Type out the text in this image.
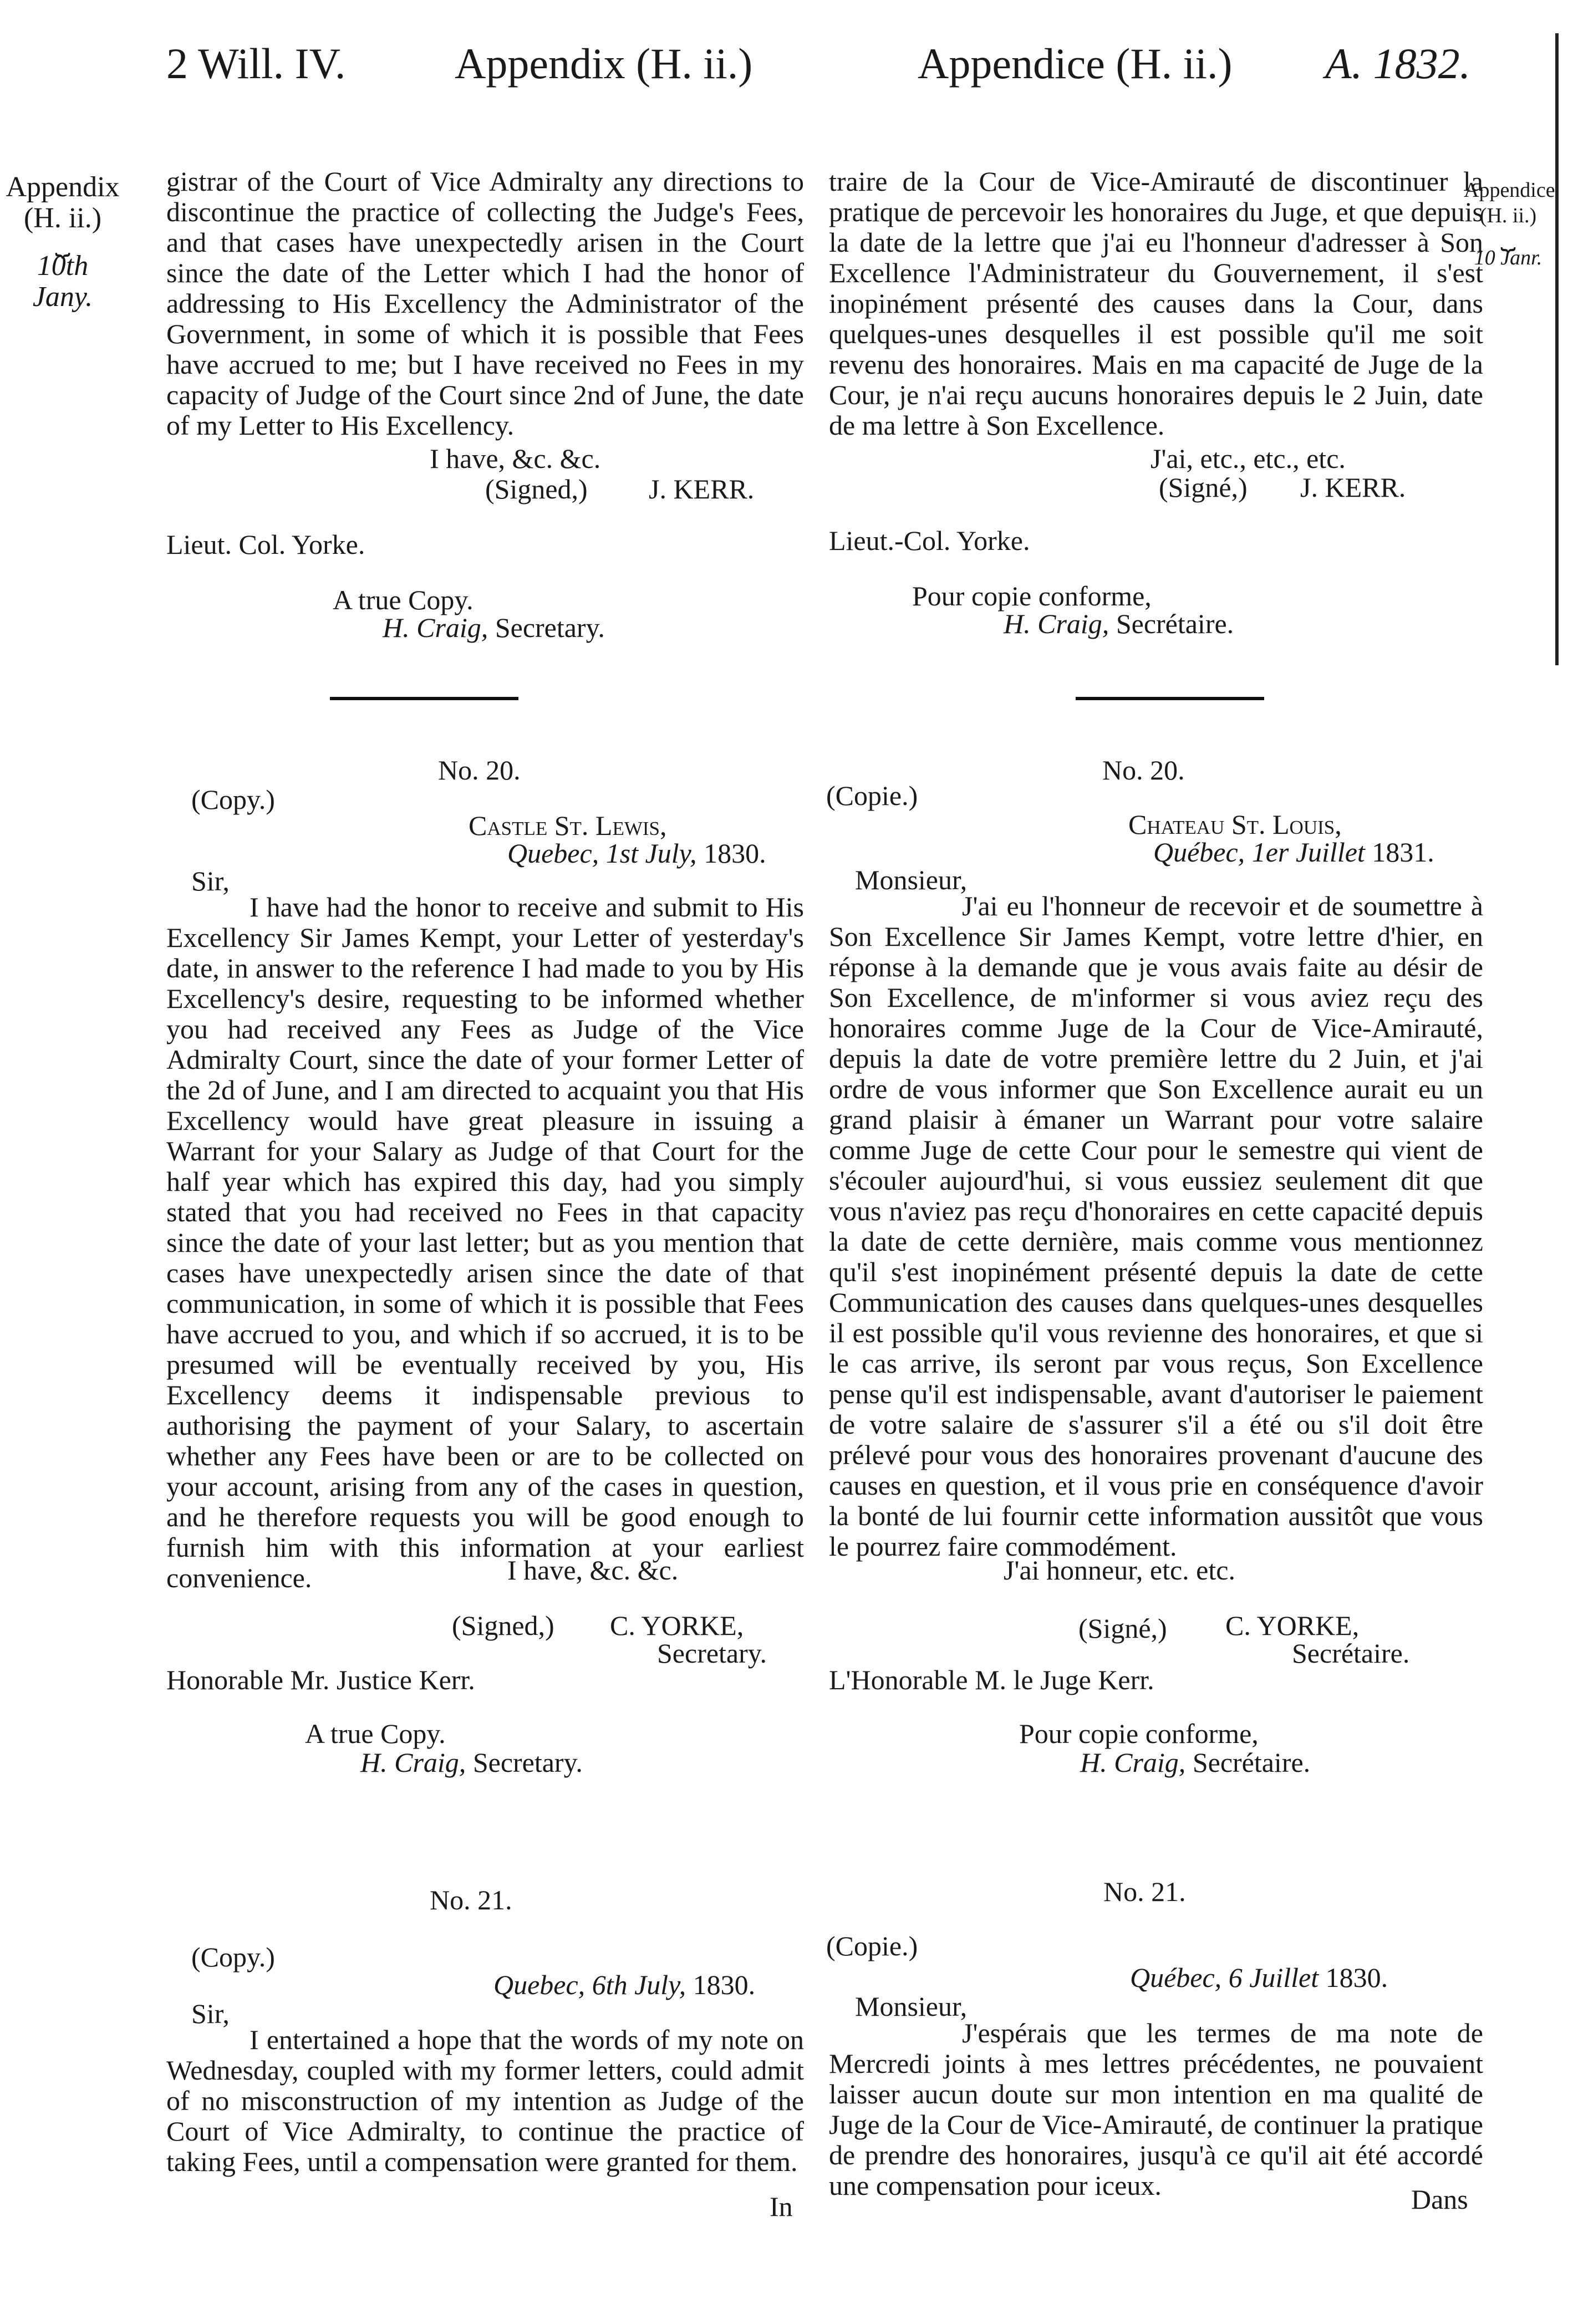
2 Will. IV.	Appendix (H. ii.)	Appendice (H. ii.) A. 1832.
Appendix
(H. ii.)
⏟
10th Jany.
Appendice
(H. ii.)
⏟
10 Janr.
gistrar of the Court of Vice Admiralty any directions to discontinue the practice of collecting the Judge's Fees, and that cases have unexpectedly arisen in the Court since the date of the Letter which I had the honor of addressing to His Excellency the Administrator of the Government, in some of which it is possible that Fees have accrued to me; but I have received no Fees in my capacity of Judge of the Court since 2nd of June, the date of my Letter to His Excellency.
I have, &c. &c.
(Signed,) J. KERR.
Lieut. Col. Yorke.
A true Copy.
H. Craig, Secretary.
No. 20.
(Copy.)
Castle St. Lewis,
Quebec, 1st July, 1830.
Sir,
I have had the honor to receive and submit to His Excellency Sir James Kempt, your Letter of yesterday's date, in answer to the reference I had made to you by His Excellency's desire, requesting to be informed whether you had received any Fees as Judge of the Vice Admiralty Court, since the date of your former Letter of the 2d of June, and I am directed to acquaint you that His Excellency would have great pleasure in issuing a Warrant for your Salary as Judge of that Court for the half year which has expired this day, had you simply stated that you had received no Fees in that capacity since the date of your last letter; but as you mention that cases have unexpectedly arisen since the date of that communication, in some of which it is possible that Fees have accrued to you, and which if so accrued, it is to be presumed will be eventually received by you, His Excellency deems it indispensable previous to authorising the payment of your Salary, to ascertain whether any Fees have been or are to be collected on your account, arising from any of the cases in question, and he therefore requests you will be good enough to furnish him with this information at your earliest convenience.	I have, &c. &c.
(Signed,) C. YORKE,
Secretary.
Honorable Mr. Justice Kerr.
A true Copy.
H. Craig, Secretary.
No. 21.
(Copy.)
Quebec, 6th July, 1830.
Sir,
I entertained a hope that the words of my note on Wednesday, coupled with my former letters, could admit of no misconstruction of my intention as Judge of the Court of Vice Admiralty, to continue the practice of taking Fees, until a compensation were granted for them.
In
traire de la Cour de Vice-Amirauté de discontinuer la pratique de percevoir les honoraires du Juge, et que depuis la date de la lettre que j'ai eu l'honneur d'adresser à Son Excellence l'Administrateur du Gouvernement, il s'est inopinément présenté des causes dans la Cour, dans quelques-unes desquelles il est possible qu'il me soit revenu des honoraires. Mais en ma capacité de Juge de la Cour, je n'ai reçu aucuns honoraires depuis le 2 Juin, date de ma lettre à Son Excellence.
J'ai, etc., etc., etc.
(Signé,) J. KERR.
Lieut.-Col. Yorke.
Pour copie conforme,
H. Craig, Secrétaire.
No. 20.
(Copie.)
Chateau St. Louis,
Québec, 1er Juillet 1831.
Monsieur,
J'ai eu l'honneur de recevoir et de soumettre à Son Excellence Sir James Kempt, votre lettre d'hier, en réponse à la demande que je vous avais faite au désir de Son Excellence, de m'informer si vous aviez reçu des honoraires comme Juge de la Cour de Vice-Amirauté, depuis la date de votre première lettre du 2 Juin, et j'ai ordre de vous informer que Son Excellence aurait eu un grand plaisir à émaner un Warrant pour votre salaire comme Juge de cette Cour pour le semestre qui vient de s'écouler aujourd'hui, si vous eussiez seulement dit que vous n'aviez pas reçu d'honoraires en cette capacité depuis la date de cette dernière, mais comme vous mentionnez qu'il s'est inopinément présenté depuis la date de cette Communication des causes dans quelques-unes desquelles il est possible qu'il vous revienne des honoraires, et que si le cas arrive, ils seront par vous reçus, Son Excellence pense qu'il est indispensable, avant d'autoriser le paiement de votre salaire de s'assurer s'il a été ou s'il doit être prélevé pour vous des honoraires provenant d'aucune des causes en question, et il vous prie en conséquence d'avoir la bonté de lui fournir cette information aussitôt que vous le pourrez faire commodément.
J'ai honneur, etc. etc.
(Signé,) C. YORKE,
Secrétaire.
L'Honorable M. le Juge Kerr.
Pour copie conforme,
H. Craig, Secrétaire.
No. 21.
(Copie.)
Québec, 6 Juillet 1830.
Monsieur,
J'espérais que les termes de ma note de Mercredi joints à mes lettres précédentes, ne pouvaient laisser aucun doute sur mon intention en ma qualité de Juge de la Cour de Vice-Amirauté, de continuer la pratique de prendre des honoraires, jusqu'à ce qu'il ait été accordé une compensation pour iceux.	Dans
